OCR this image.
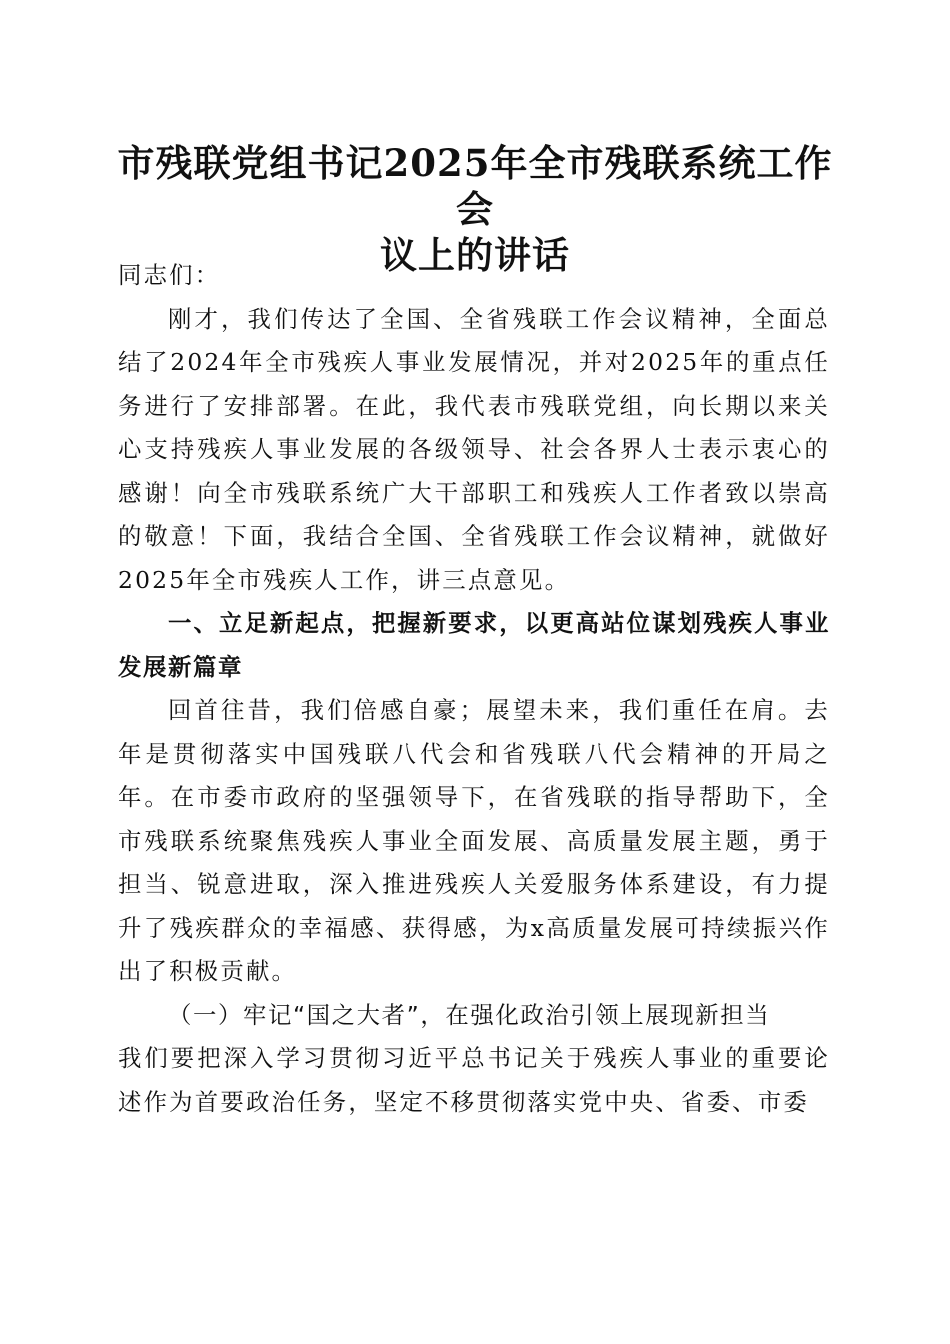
市残联党组书记2025年全市残联系统工作会
议上的讲话

同志们：

刚才，我们传达了全国、全省残联工作会议精神，全面总结了2024年全市残疾人事业发展情况，并对2025年的重点任务进行了安排部署。在此，我代表市残联党组，向长期以来关心支持残疾人事业发展的各级领导、社会各界人士表示衷心的感谢！向全市残联系统广大干部职工和残疾人工作者致以崇高的敬意！下面，我结合全国、全省残联工作会议精神，就做好2025年全市残疾人工作，讲三点意见。

一、立足新起点，把握新要求，以更高站位谋划残疾人事业发展新篇章

回首往昔，我们倍感自豪；展望未来，我们重任在肩。去年是贯彻落实中国残联八代会和省残联八代会精神的开局之年。在市委市政府的坚强领导下，在省残联的指导帮助下，全市残联系统聚焦残疾人事业全面发展、高质量发展主题，勇于担当、锐意进取，深入推进残疾人关爱服务体系建设，有力提升了残疾群众的幸福感、获得感，为x高质量发展可持续振兴作出了积极贡献。

（一）牢记“国之大者”，在强化政治引领上展现新担当

我们要把深入学习贯彻习近平总书记关于残疾人事业的重要论述作为首要政治任务，坚定不移贯彻落实党中央、省委、市委
